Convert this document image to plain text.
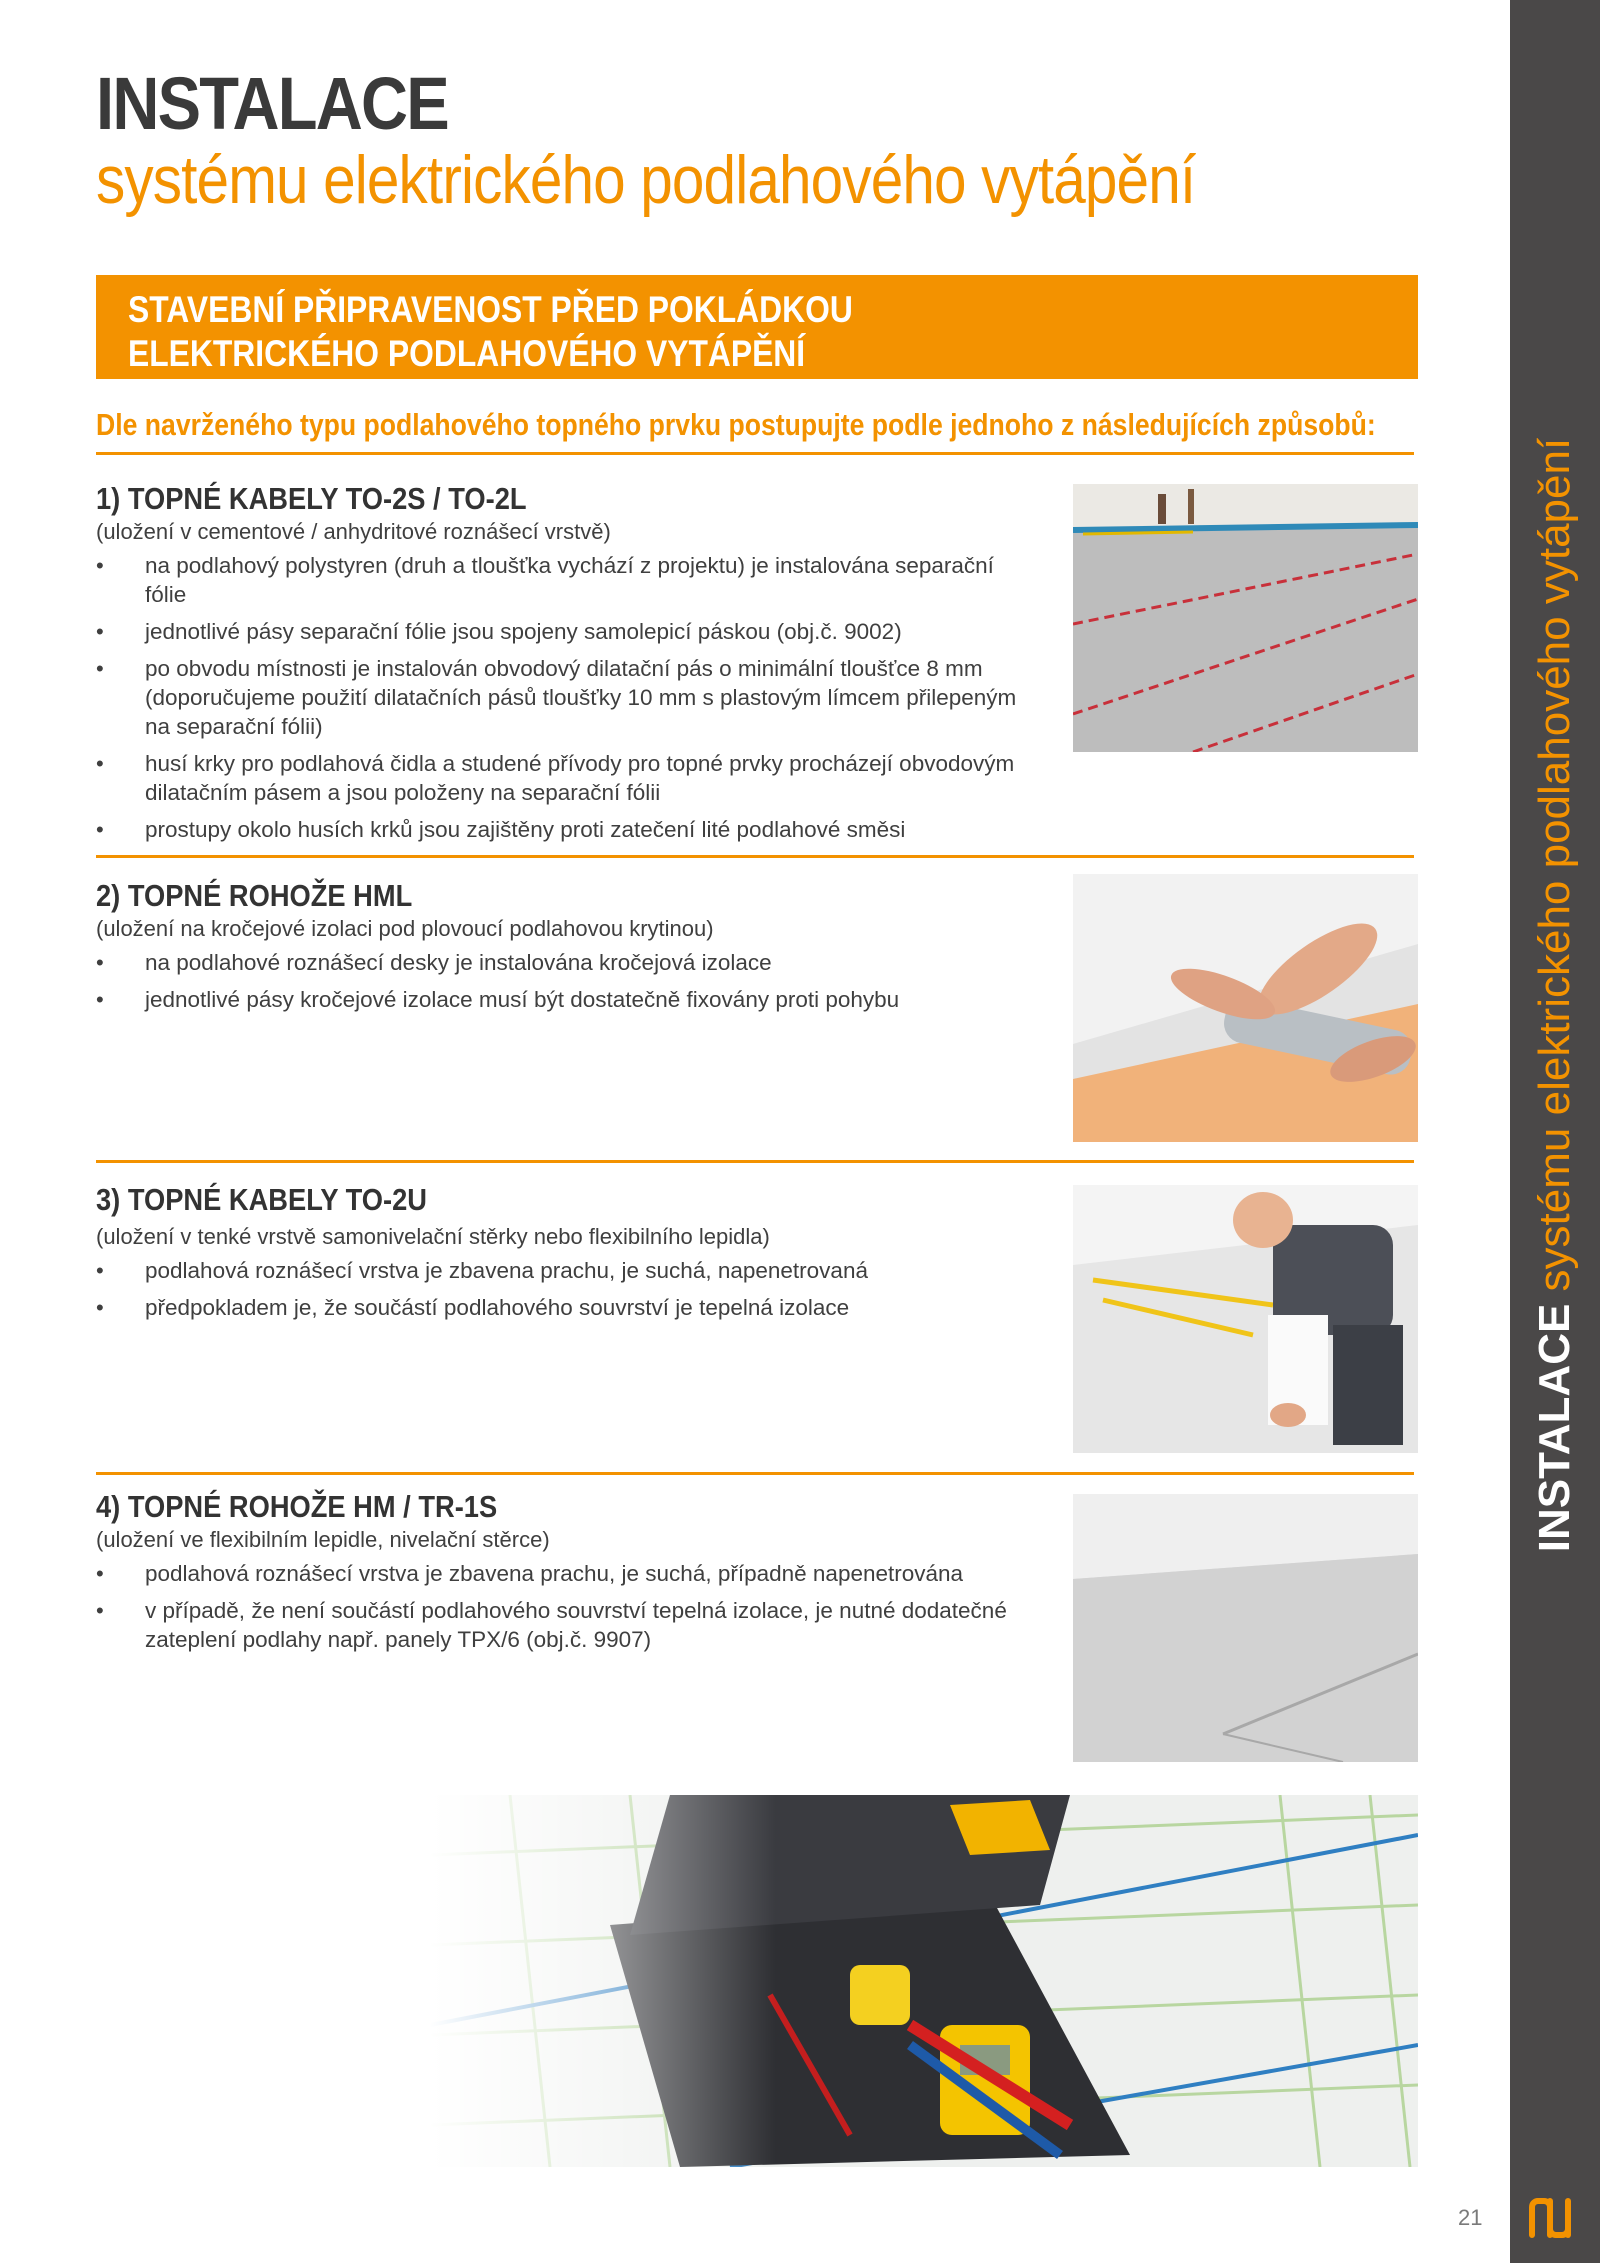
INSTALACE
systému elektrického podlahového vytápění
STAVEBNÍ PŘIPRAVENOST PŘED POKLÁDKOU
ELEKTRICKÉHO PODLAHOVÉHO VYTÁPĚNÍ

Dle navrženého typu podlahového topného prvku postupujte podle jednoho z následujících způsobů:

1) TOPNÉ KABELY TO-2S / TO-2L

(uložení v cementové / anhydritové roznášecí vrstvě)

• na podlahový polystyren (druh a tloušťka vychází z projektu) je instalována separační fólie
• jednotlivé pásy separační fólie jsou spojeny samolepicí páskou (obj.č. 9002)
• po obvodu místnosti je instalován obvodový dilatační pás o minimální tloušťce 8 mm (doporučujeme použití dilatačních pásů tloušťky 10 mm s plastovým límcem přilepeným na separační fólii)
• husí krky pro podlahová čidla a studené přívody pro topné prvky procházejí obvodovým dilatačním pásem a jsou položeny na separační fólii
• prostupy okolo husích krků jsou zajištěny proti zatečení lité podlahové směsi
2) TOPNÉ ROHOŽE HML

(uložení na kročejové izolaci pod plovoucí podlahovou krytinou)

• na podlahové roznášecí desky je instalována kročejová izolace
• jednotlivé pásy kročejové izolace musí být dostatečně fixovány proti pohybu
3) TOPNÉ KABELY TO-2U

(uložení v tenké vrstvě samonivelační stěrky nebo flexibilního lepidla)

• podlahová roznášecí vrstva je zbavena prachu, je suchá, napenetrovaná
• předpokladem je, že součástí podlahového souvrství je tepelná izolace
4) TOPNÉ ROHOŽE HM / TR-1S

(uložení ve flexibilním lepidle, nivelační stěrce)

• podlahová roznášecí vrstva je zbavena prachu, je suchá, případně napenetrována
• v případě, že není součástí podlahového souvrství tepelná izolace, je nutné dodatečné zateplení podlahy např. panely TPX/6 (obj.č. 9907)
INSTALACE systému elektrického podlahového vytápění
21
